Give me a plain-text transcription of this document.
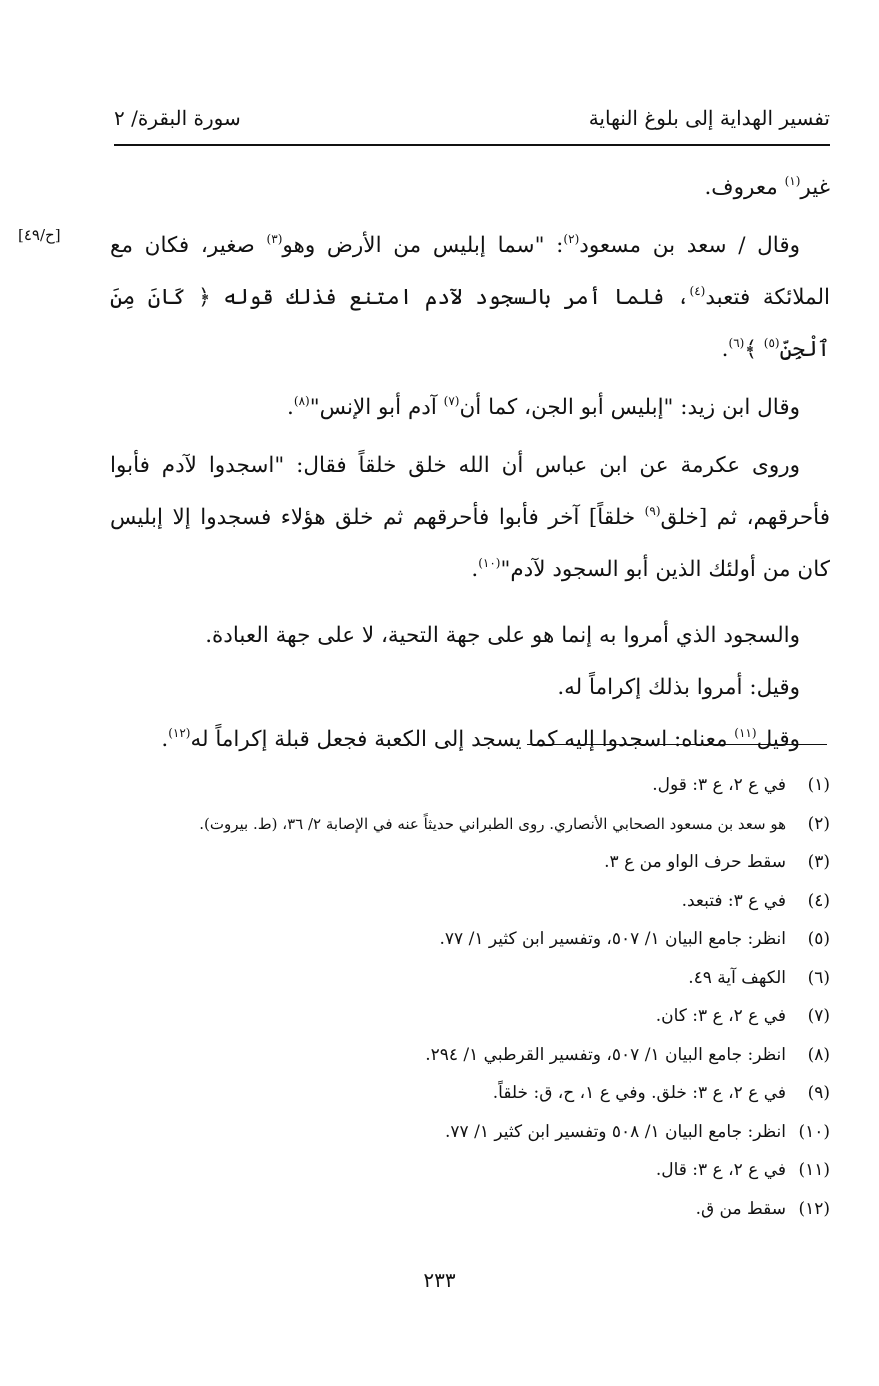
تفسير الهداية إلى بلوغ النهاية
سورة البقرة/ ٢
[ح/٤٩]

غير$^{(١)}$ معروف.

وقال / سعد بن مسعود$^{(٢)}$: "سما إبليس من الأرض وهو$^{(٣)}$ صغير، فكان مع الملائكة فتعبد$^{(٤)}$، فلما أمر بالسجود لآدم امتنع فذلك قوله ﴿ كَانَ مِنَ ٱلْجِنِّ$^{(٥)}$ ﴾$^{(٦)}$.

وقال ابن زيد: "إبليس أبو الجن، كما أن$^{(٧)}$ آدم أبو الإنس"$^{(٨)}$.

وروى عكرمة عن ابن عباس أن الله خلق خلقاً فقال: "اسجدوا لآدم فأبوا فأحرقهم، ثم [خلق$^{(٩)}$ خلقاً] آخر فأبوا فأحرقهم ثم خلق هؤلاء فسجدوا إلا إبليس كان من أولئك الذين أبو السجود لآدم"$^{(١٠)}$.

والسجود الذي أمروا به إنما هو على جهة التحية، لا على جهة العبادة.

وقيل: أمروا بذلك إكراماً له.

وقيل$^{(١١)}$ معناه: اسجدوا إليه كما يسجد إلى الكعبة فجعل قبلة إكراماً له$^{(١٢)}$.

(١)
في ع ٢، ع ٣: قول.
(٢)
هو سعد بن مسعود الصحابي الأنصاري. روى الطبراني حديثاً عنه في الإصابة ٢/ ٣٦، (ط. بيروت).
(٣)
سقط حرف الواو من ع ٣.
(٤)
في ع ٣: فتبعد.
(٥)
انظر: جامع البيان ١/ ٥٠٧، وتفسير ابن كثير ١/ ٧٧.
(٦)
الكهف آية ٤٩.
(٧)
في ع ٢، ع ٣: كان.
(٨)
انظر: جامع البيان ١/ ٥٠٧، وتفسير القرطبي ١/ ٢٩٤.
(٩)
في ع ٢، ع ٣: خلق. وفي ع ١، ح، ق: خلقاً.
(١٠)
انظر: جامع البيان ١/ ٥٠٨ وتفسير ابن كثير ١/ ٧٧.
(١١)
في ع ٢، ع ٣: قال.
(١٢)
سقط من ق.
٢٣٣
